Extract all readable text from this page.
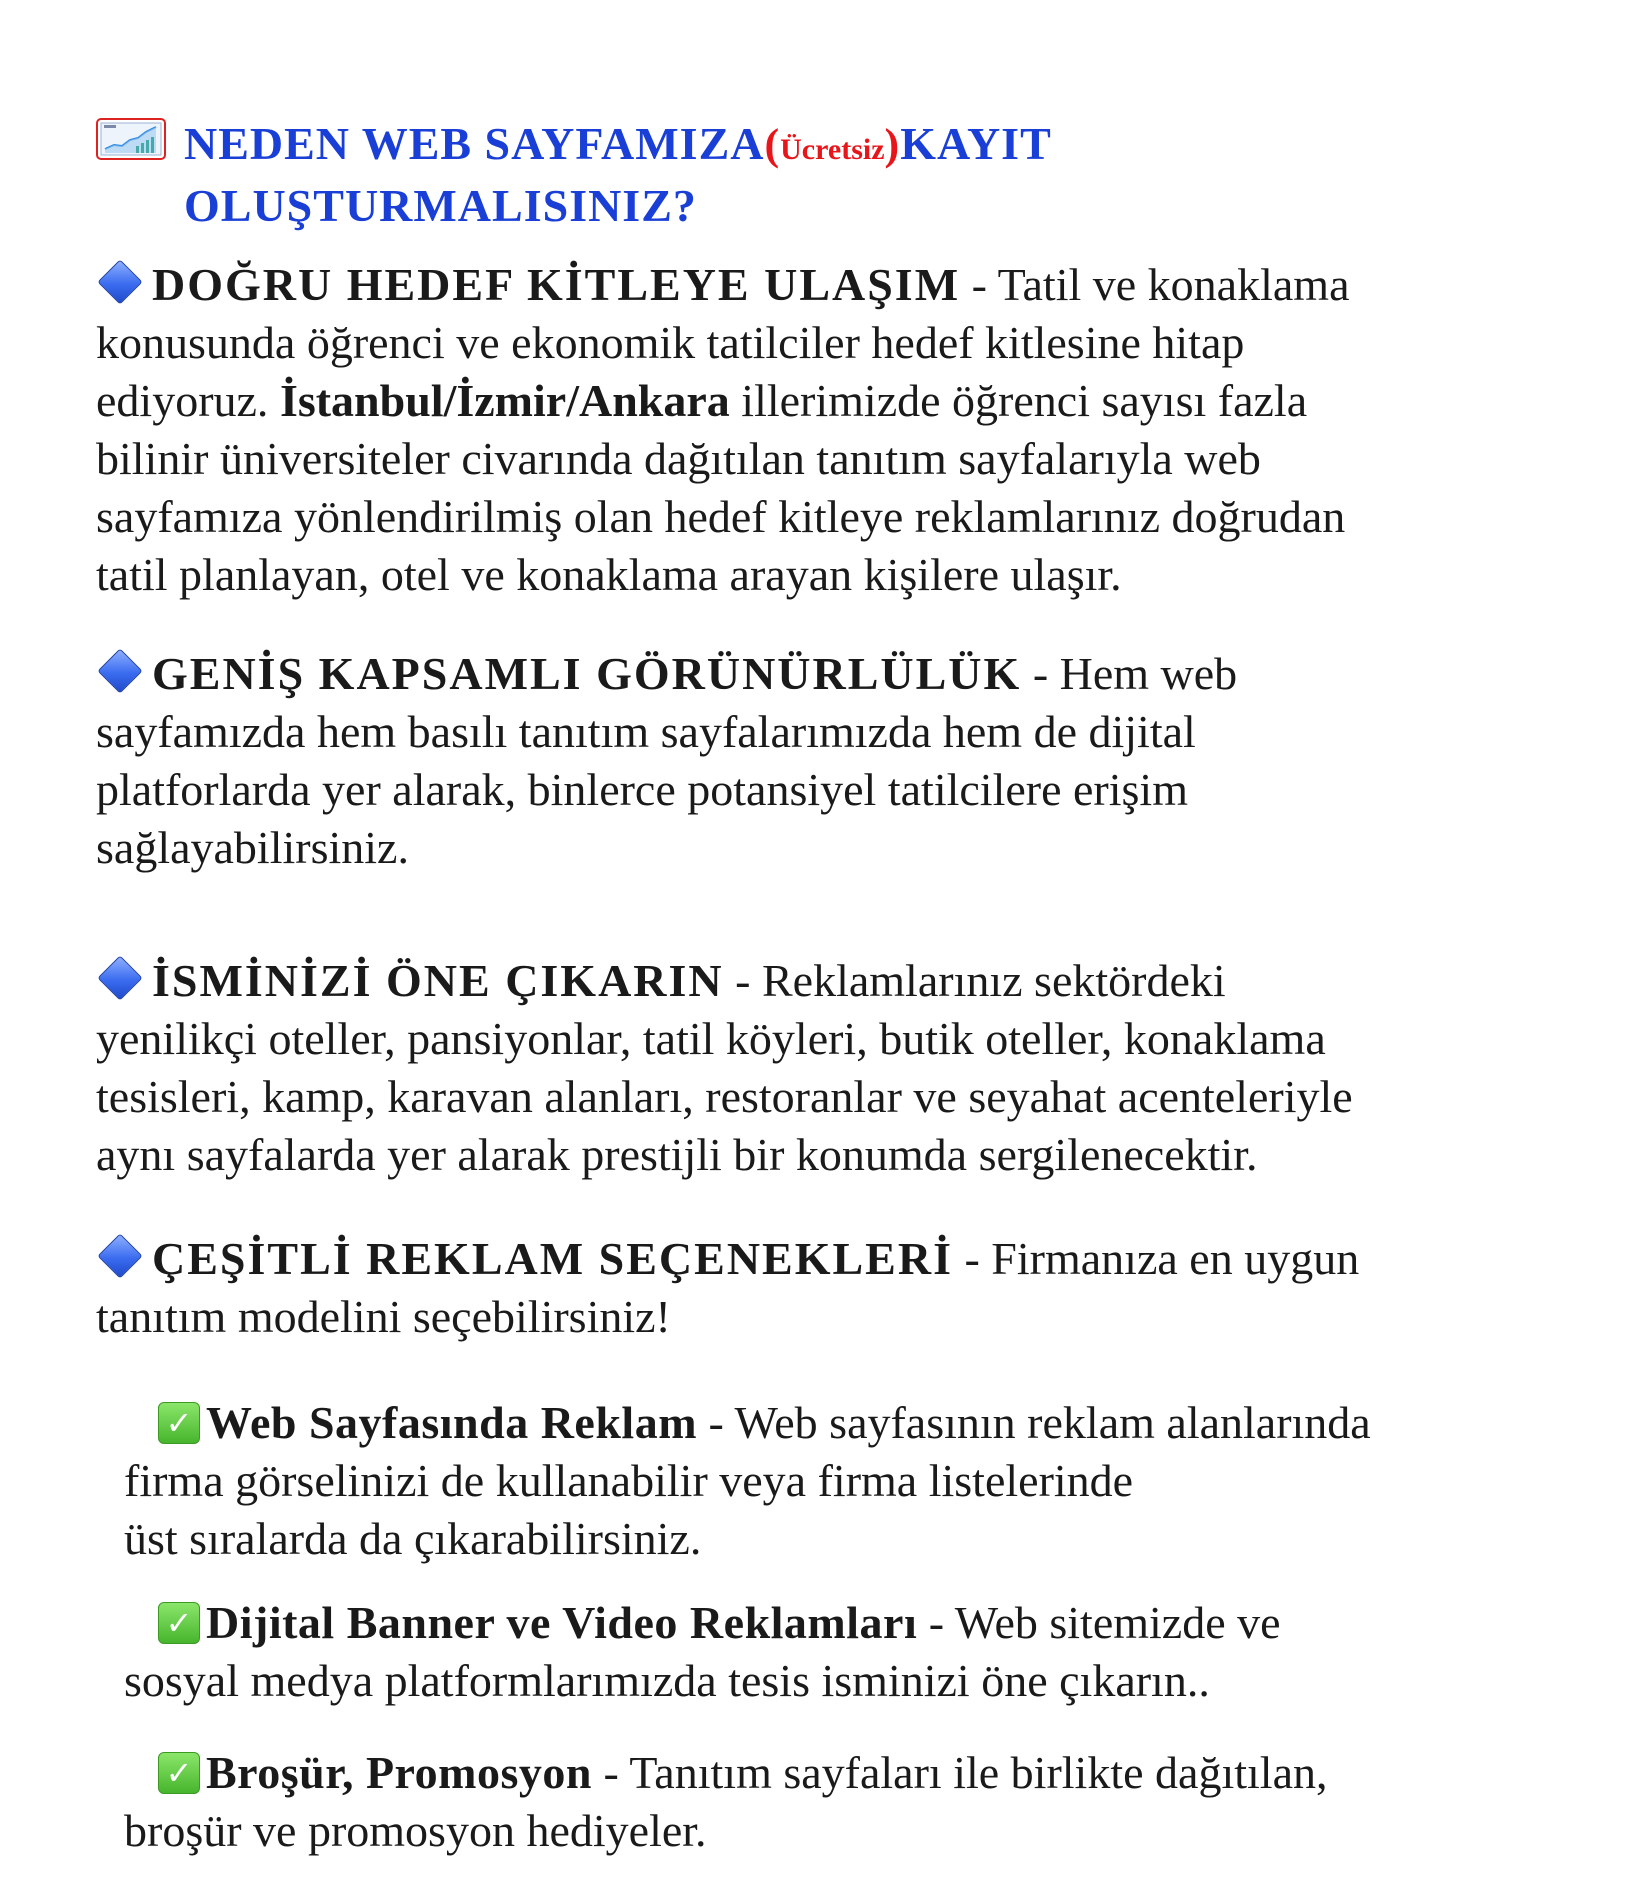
NEDEN WEB SAYFAMIZA(Ücretsiz)KAYIT
OLUŞTURMALISINIZ?
DOĞRU HEDEF KİTLEYE ULAŞIM - Tatil ve konaklama
konusunda öğrenci ve ekonomik tatilciler hedef kitlesine hitap
ediyoruz. İstanbul/İzmir/Ankara illerimizde öğrenci sayısı fazla
bilinir üniversiteler civarında dağıtılan tanıtım sayfalarıyla web
sayfamıza yönlendirilmiş olan hedef kitleye reklamlarınız doğrudan
tatil planlayan, otel ve konaklama arayan kişilere ulaşır.
GENİŞ KAPSAMLI GÖRÜNÜRLÜLÜK - Hem web
sayfamızda hem basılı tanıtım sayfalarımızda hem de dijital
platforlarda yer alarak, binlerce potansiyel tatilcilere erişim
sağlayabilirsiniz.
İSMİNİZİ ÖNE ÇIKARIN - Reklamlarınız sektördeki
yenilikçi oteller, pansiyonlar, tatil köyleri, butik oteller, konaklama
tesisleri, kamp, karavan alanları, restoranlar ve seyahat acenteleriyle
aynı sayfalarda yer alarak prestijli bir konumda sergilenecektir.
ÇEŞİTLİ REKLAM SEÇENEKLERİ - Firmanıza en uygun
tanıtım modelini seçebilirsiniz!
✓ Web Sayfasında Reklam - Web sayfasının reklam alanlarında
firma görselinizi de kullanabilir veya firma listelerinde
üst sıralarda da çıkarabilirsiniz.
✓ Dijital Banner ve Video Reklamları - Web sitemizde ve
sosyal medya platformlarımızda tesis isminizi öne çıkarın..
✓ Broşür, Promosyon - Tanıtım sayfaları ile birlikte dağıtılan,
broşür ve promosyon hediyeler.
